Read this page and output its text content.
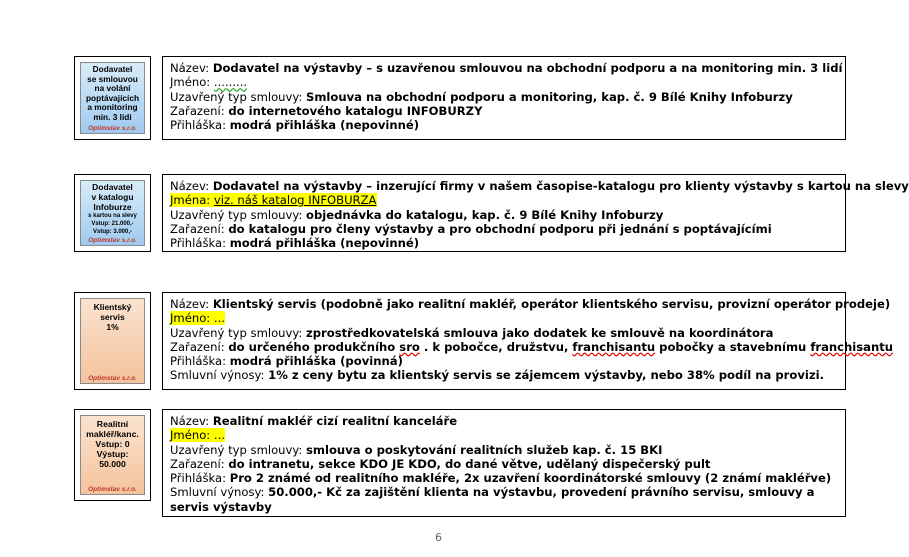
Dodavatel
se smlouvou
na volání
poptávajících
a monitoring
min. 3 lidi
Optimstav s.r.o.
Název: Dodavatel na výstavby – s uzavřenou smlouvou na obchodní podporu a na monitoring min. 3 lidí
Jméno: .........
Uzavřený typ smlouvy: Smlouva na obchodní podporu a monitoring, kap. č. 9 Bílé Knihy Infoburzy
Zařazení: do internetového katalogu INFOBURZY
Přihláška: modrá přihláška (nepovinné)
Dodavatel
v katalogu
Infoburze
s kartou na slevy
Vstup: 21.000,-
Vstup: 3.000,-
Optimstav s.r.o.
Název: Dodavatel na výstavby – inzerující firmy v našem časopise-katalogu pro klienty výstavby s kartou na slevy
Jména: viz. náš katalog INFOBURZA
Uzavřený typ smlouvy: objednávka do katalogu, kap. č. 9 Bílé Knihy Infoburzy
Zařazení: do katalogu pro členy výstavby a pro obchodní podporu při jednání s poptávajícími
Přihláška: modrá přihláška (nepovinné)
Klientský
servis
1%
Optimstav s.r.o.
Název: Klientský servis (podobně jako realitní makléř, operátor klientského servisu, provizní operátor prodeje)
Jméno: ...
Uzavřený typ smlouvy: zprostředkovatelská smlouva jako dodatek ke smlouvě na koordinátora
Zařazení: do určeného produkčního sro . k pobočce, družstvu, franchisantu pobočky a stavebnímu franchisantu
Přihláška: modrá přihláška (povinná)
Smluvní výnosy: 1% z ceny bytu za klientský servis se zájemcem výstavby, nebo 38% podíl na provizi.
Realitní
makléř/kanc.
Vstup: 0
Výstup:
50.000
Optimstav s.r.o.
Název: Realitní makléř cizí realitní kanceláře
Jméno: ...
Uzavřený typ smlouvy: smlouva o poskytování realitních služeb kap. č. 15 BKI
Zařazení: do intranetu, sekce KDO JE KDO, do dané větve, udělaný dispečerský pult
Přihláška: Pro 2 známé od realitního makléře, 2x uzavření koordinátorské smlouvy (2 známí makléřve)
Smluvní výnosy: 50.000,- Kč za zajištění klienta na výstavbu, provedení právního servisu, smlouvy a servis výstavby
6
